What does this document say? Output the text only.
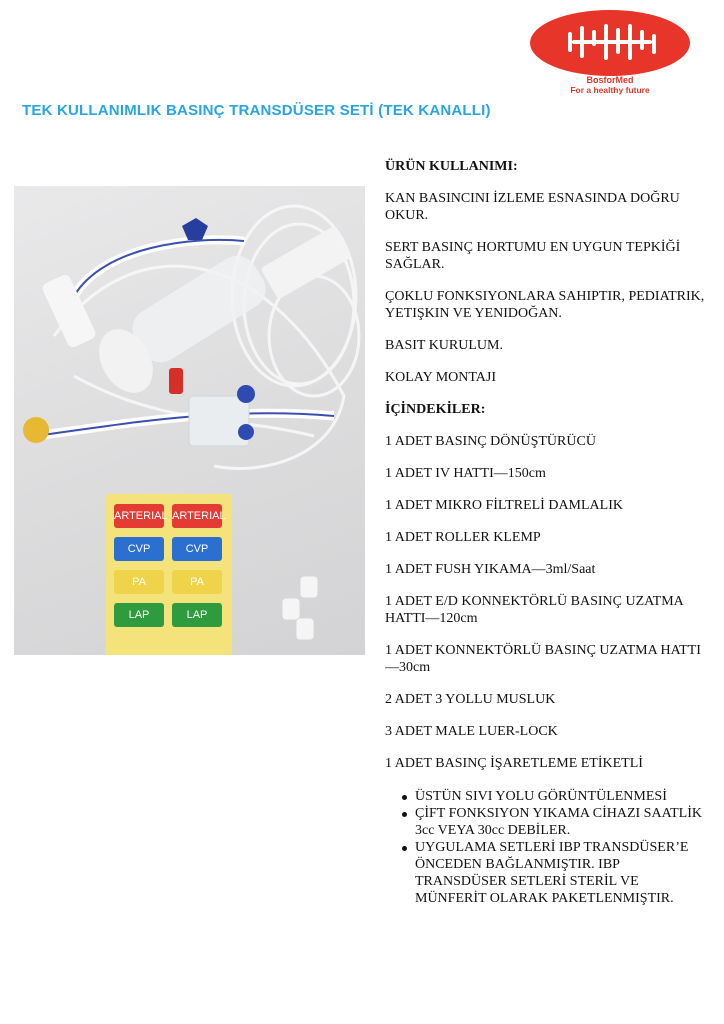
BosforMed
For a healthy future
TEK KULLANIMLIK BASINÇ TRANSDÜSER SETİ (TEK KANALLI)
ARTERIAL ARTERIAL
CVP	CVP
PA	PA
LAP	LAP

ÜRÜN KULLANIMI:

KAN BASINCINI İZLEME ESNASINDA DOĞRU OKUR.

SERT BASINÇ HORTUMU EN UYGUN TEPKİĞİ SAĞLAR.

ÇOKLU FONKSIYONLARA SAHIPTIR, PEDIATRIK, YETIŞKIN VE YENIDOĞAN.

BASIT KURULUM.

KOLAY MONTAJI

İÇİNDEKİLER:

1 ADET BASINÇ DÖNÜŞTÜRÜCÜ

1 ADET IV HATTI—150cm

1 ADET MIKRO FİLTRELİ DAMLALIK

1 ADET ROLLER KLEMP

1 ADET FUSH YIKAMA—3ml/Saat

1 ADET E/D KONNEKTÖRLÜ BASINÇ UZATMA HATTI—120cm

1 ADET KONNEKTÖRLÜ BASINÇ UZATMA HATTI—30cm

2 ADET 3 YOLLU MUSLUK

3 ADET MALE LUER-LOCK

1 ADET BASINÇ İŞARETLEME ETİKETLİ

ÜSTÜN SIVI YOLU GÖRÜNTÜLENMESİ
ÇİFT FONKSIYON YIKAMA CİHAZI SAATLİK 3cc VEYA 30cc DEBİLER.
UYGULAMA SETLERİ IBP TRANSDÜSER’E ÖNCEDEN BAĞLANMIŞTIR. IBP TRANSDÜSER SETLERİ STERİL VE MÜNFERİT OLARAK PAKETLENMIŞTIR.
